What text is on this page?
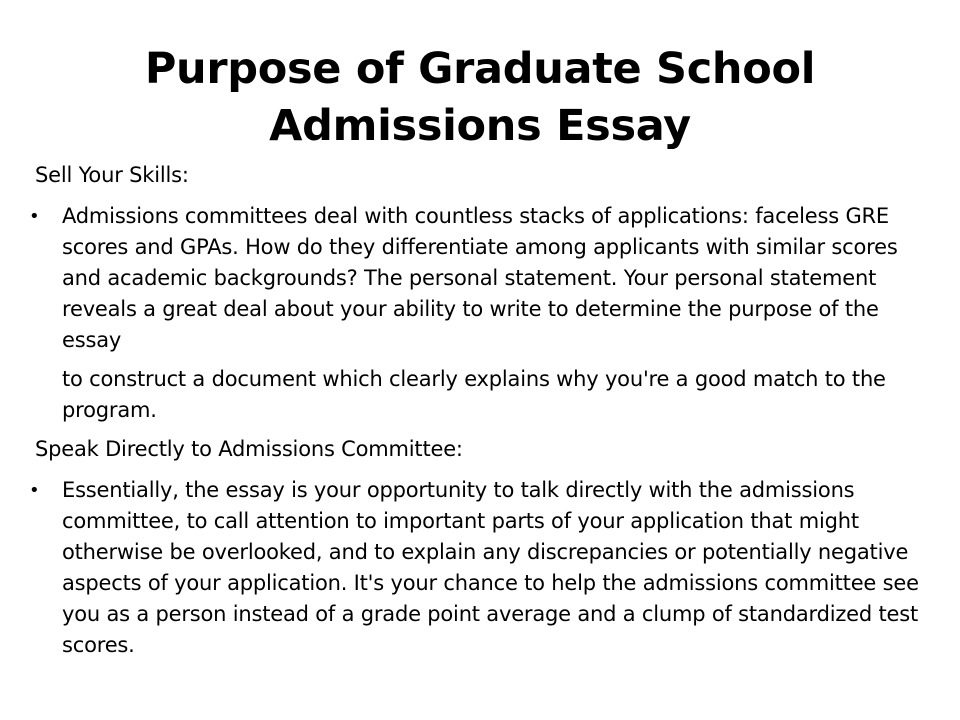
Purpose of Graduate School
Admissions Essay

Sell Your Skills:

• Admissions committees deal with countless stacks of applications: faceless GRE scores and GPAs. How do they differentiate among applicants with similar scores and academic backgrounds? The personal statement. Your personal statement reveals a great deal about your ability to write to determine the purpose of the essay

to construct a document which clearly explains why you're a good match to the program.

Speak Directly to Admissions Committee:

• Essentially, the essay is your opportunity to talk directly with the admissions committee, to call attention to important parts of your application that might otherwise be overlooked, and to explain any discrepancies or potentially negative aspects of your application. It's your chance to help the admissions committee see you as a person instead of a grade point average and a clump of standardized test scores.
